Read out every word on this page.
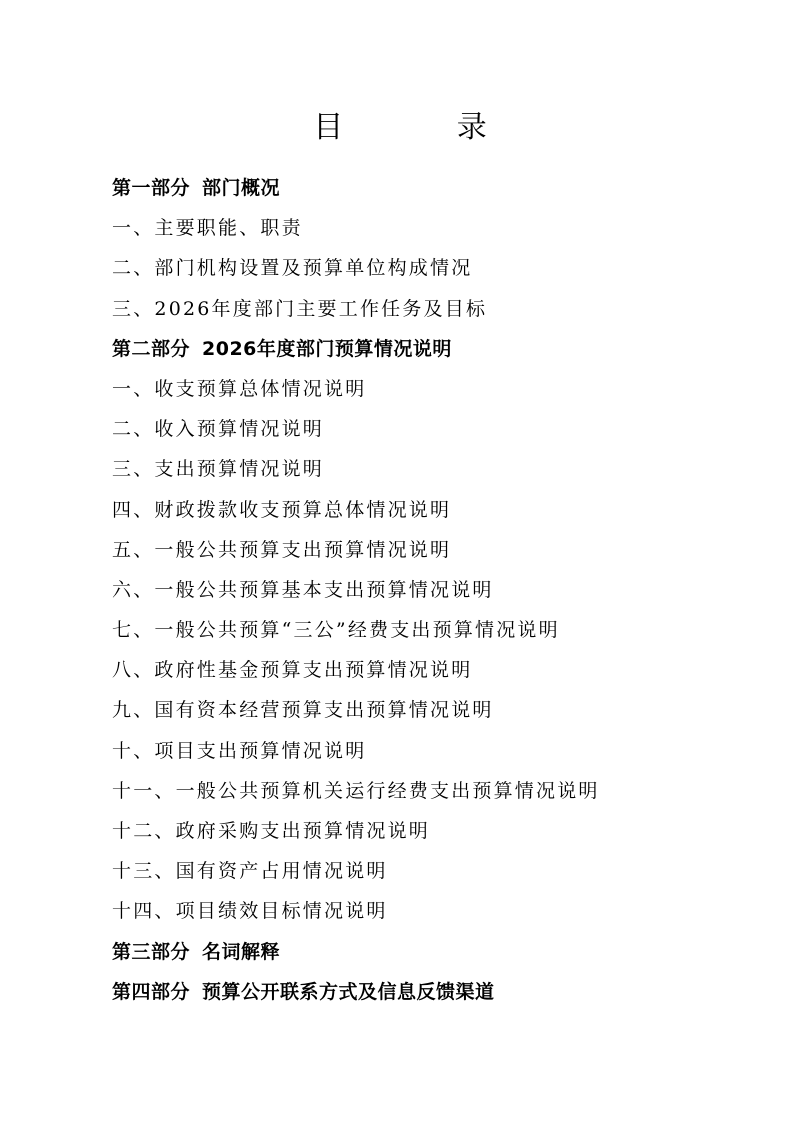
目 录
第一部分 部门概况
一、主要职能、职责
二、部门机构设置及预算单位构成情况
三、2026年度部门主要工作任务及目标
第二部分 2026年度部门预算情况说明
一、收支预算总体情况说明
二、收入预算情况说明
三、支出预算情况说明
四、财政拨款收支预算总体情况说明
五、一般公共预算支出预算情况说明
六、一般公共预算基本支出预算情况说明
七、一般公共预算“三公”经费支出预算情况说明
八、政府性基金预算支出预算情况说明
九、国有资本经营预算支出预算情况说明
十、项目支出预算情况说明
十一、一般公共预算机关运行经费支出预算情况说明
十二、政府采购支出预算情况说明
十三、国有资产占用情况说明
十四、项目绩效目标情况说明
第三部分 名词解释
第四部分 预算公开联系方式及信息反馈渠道
